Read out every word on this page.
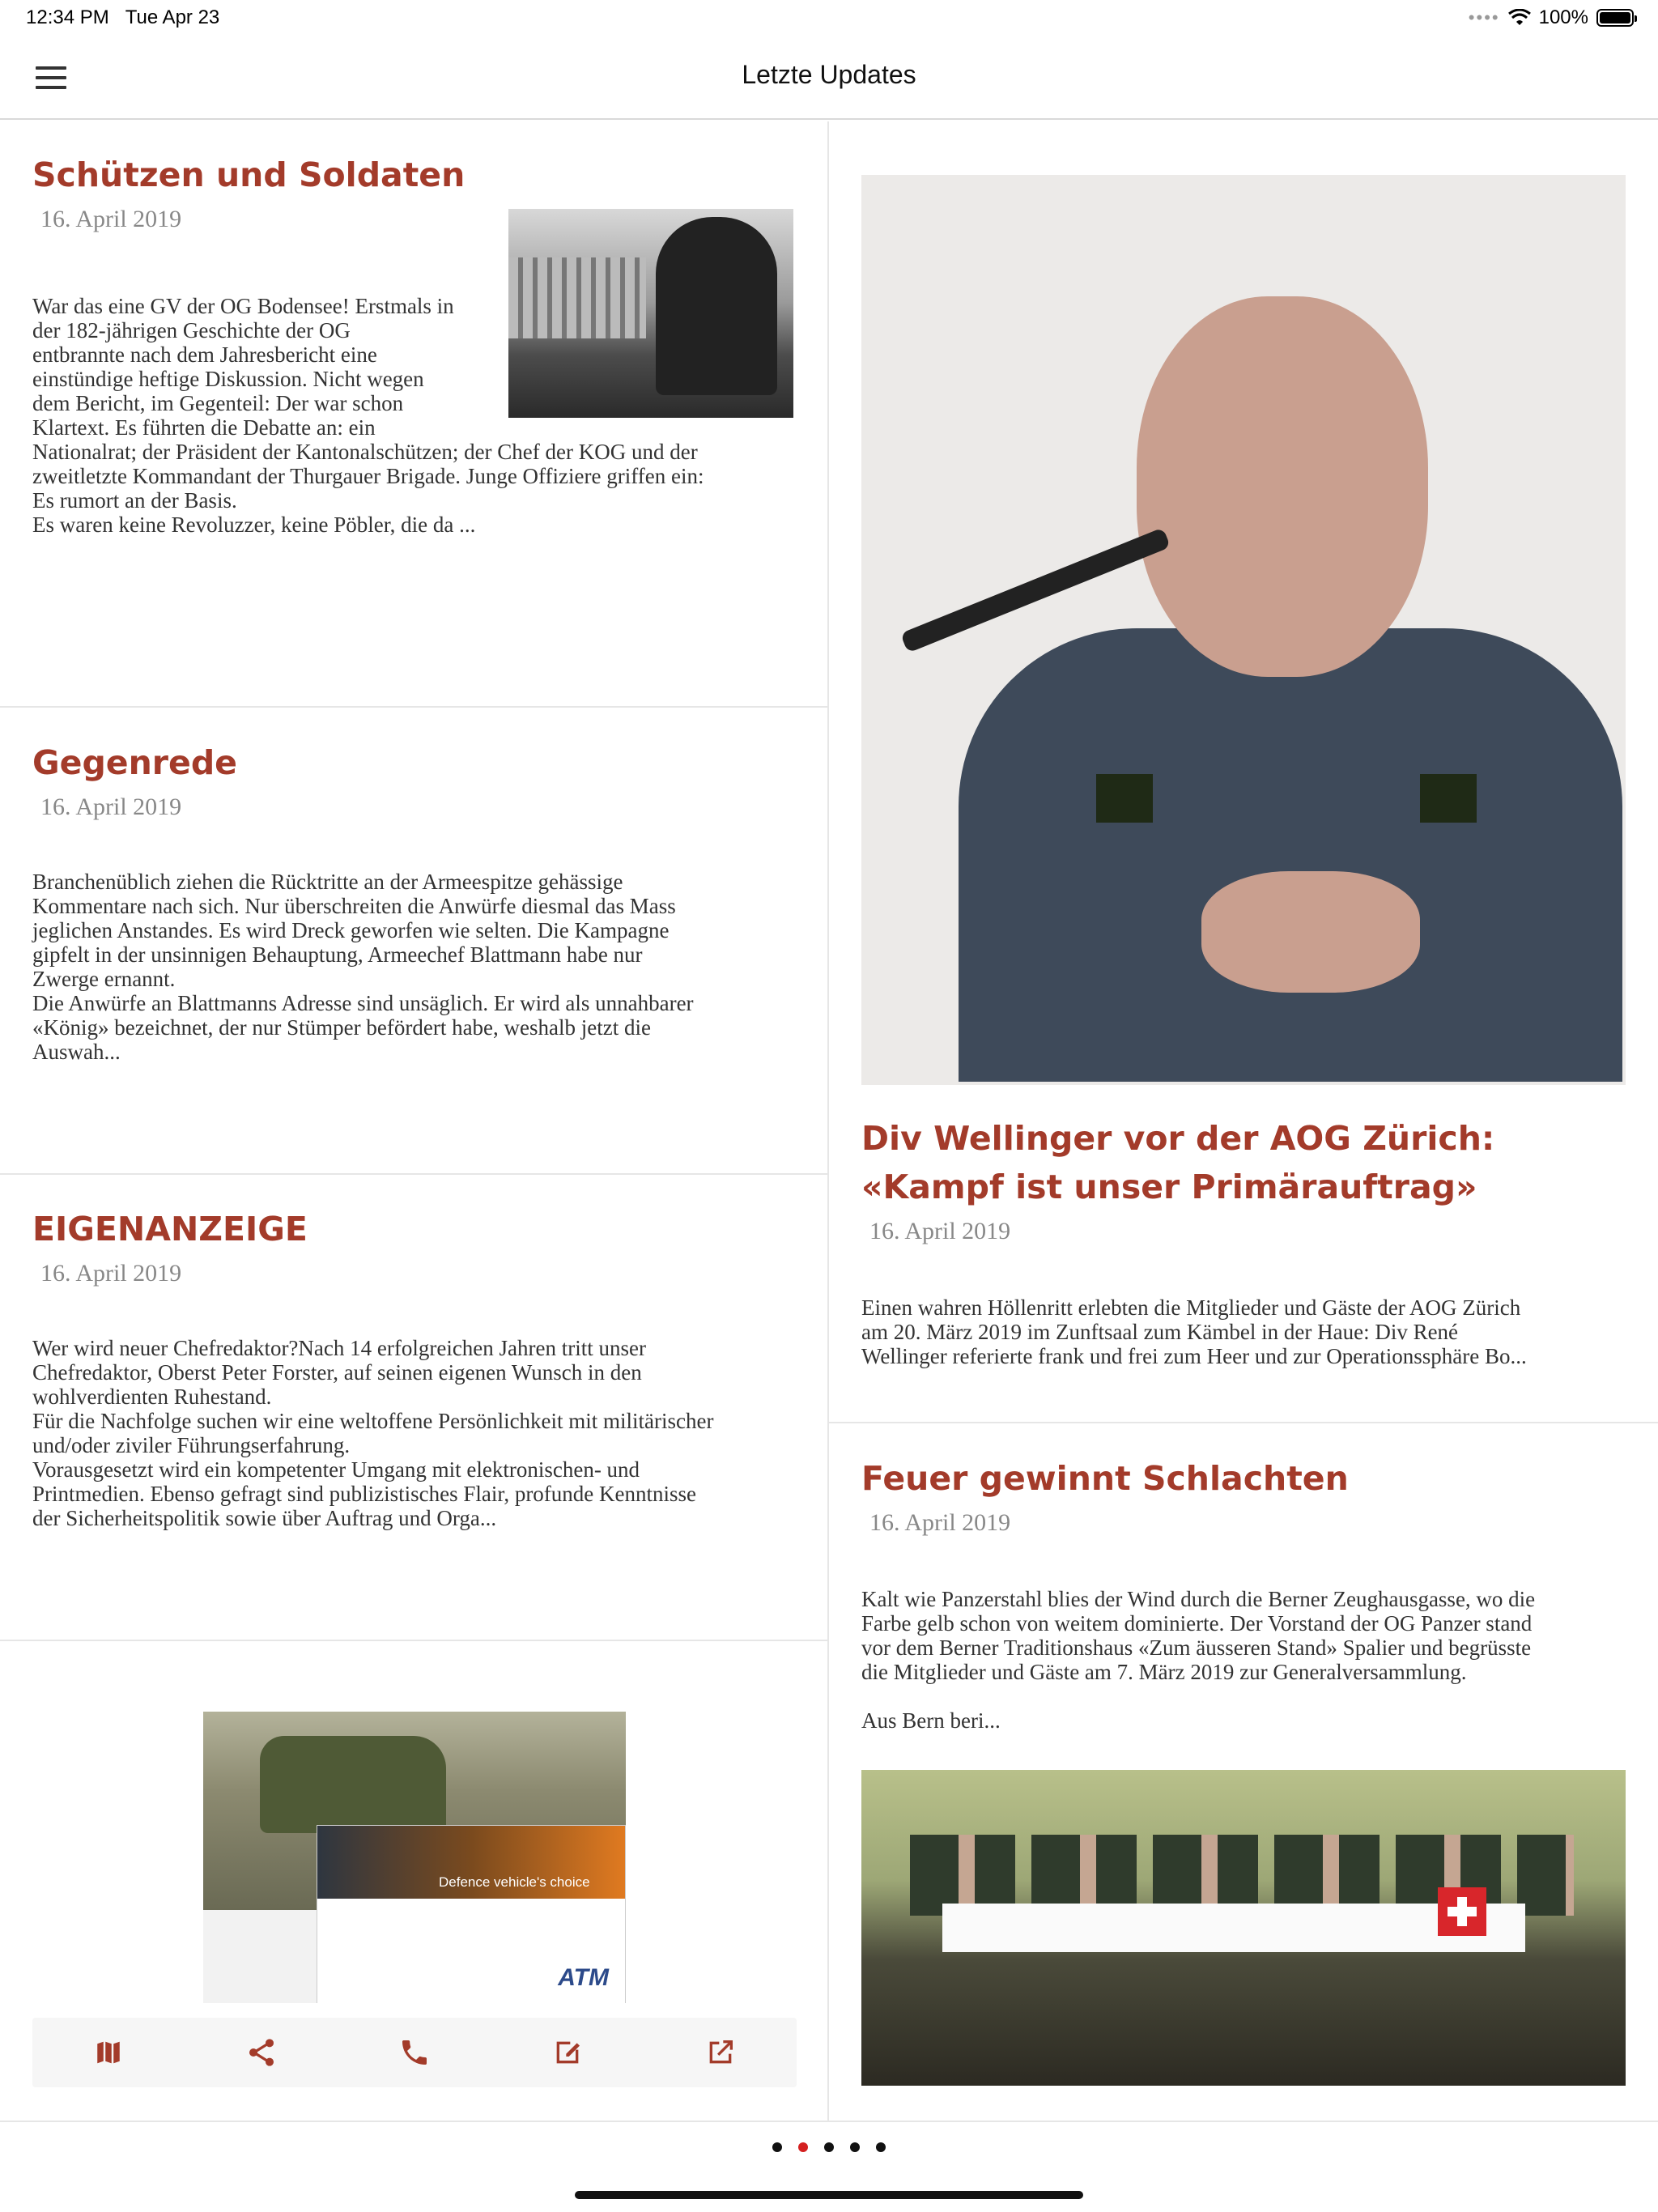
12:34 PM Tue Apr 23	•••• 100%
Letzte Updates
Schützen und Soldaten
16. April 2019

War das eine GV der OG Bodensee! Erstmals in
der 182-jährigen Geschichte der OG
entbrannte nach dem Jahresbericht eine
einstündige heftige Diskussion. Nicht wegen
dem Bericht, im Gegenteil: Der war schon
Klartext. Es führten die Debatte an: ein
Nationalrat; der Präsident der Kantonalschützen; der Chef der KOG und der
zweitletzte Kommandant der Thurgauer Brigade. Junge Offiziere griffen ein:
Es rumort an der Basis.
Es waren keine Revoluzzer, keine Pöbler, die da ...

Gegenrede
16. April 2019

Branchenüblich ziehen die Rücktritte an der Armeespitze gehässige
Kommentare nach sich. Nur überschreiten die Anwürfe diesmal das Mass
jeglichen Anstandes. Es wird Dreck geworfen wie selten. Die Kampagne
gipfelt in der unsinnigen Behauptung, Armeechef Blattmann habe nur
Zwerge ernannt.
Die Anwürfe an Blattmanns Adresse sind unsäglich. Er wird als unnahbarer
«König» bezeichnet, der nur Stümper befördert habe, weshalb jetzt die
Auswah...

EIGENANZEIGE
16. April 2019

Wer wird neuer Chefredaktor?Nach 14 erfolgreichen Jahren tritt unser
Chefredaktor, Oberst Peter Forster, auf seinen eigenen Wunsch in den
wohlverdienten Ruhestand.
Für die Nachfolge suchen wir eine weltoffene Persönlichkeit mit militärischer
und/oder ziviler Führungserfahrung.
Vorausgesetzt wird ein kompetenter Umgang mit elektronischen- und
Printmedien. Ebenso gefragt sind publizistisches Flair, profunde Kenntnisse
der Sicherheitspolitik sowie über Auftrag und Orga...

Defence vehicle's choice
ATM
Div Wellinger vor der AOG Zürich: «Kampf ist unser Primärauftrag»
16. April 2019

Einen wahren Höllenritt erlebten die Mitglieder und Gäste der AOG Zürich
am 20. März 2019 im Zunftsaal zum Kämbel in der Haue: Div René
Wellinger referierte frank und frei zum Heer und zur Operationssphäre Bo...

Feuer gewinnt Schlachten
16. April 2019

Kalt wie Panzerstahl blies der Wind durch die Berner Zeughausgasse, wo die
Farbe gelb schon von weitem dominierte. Der Vorstand der OG Panzer stand
vor dem Berner Traditionshaus «Zum äusseren Stand» Spalier und begrüsste
die Mitglieder und Gäste am 7. März 2019 zur Generalversammlung.

Aus Bern beri...
